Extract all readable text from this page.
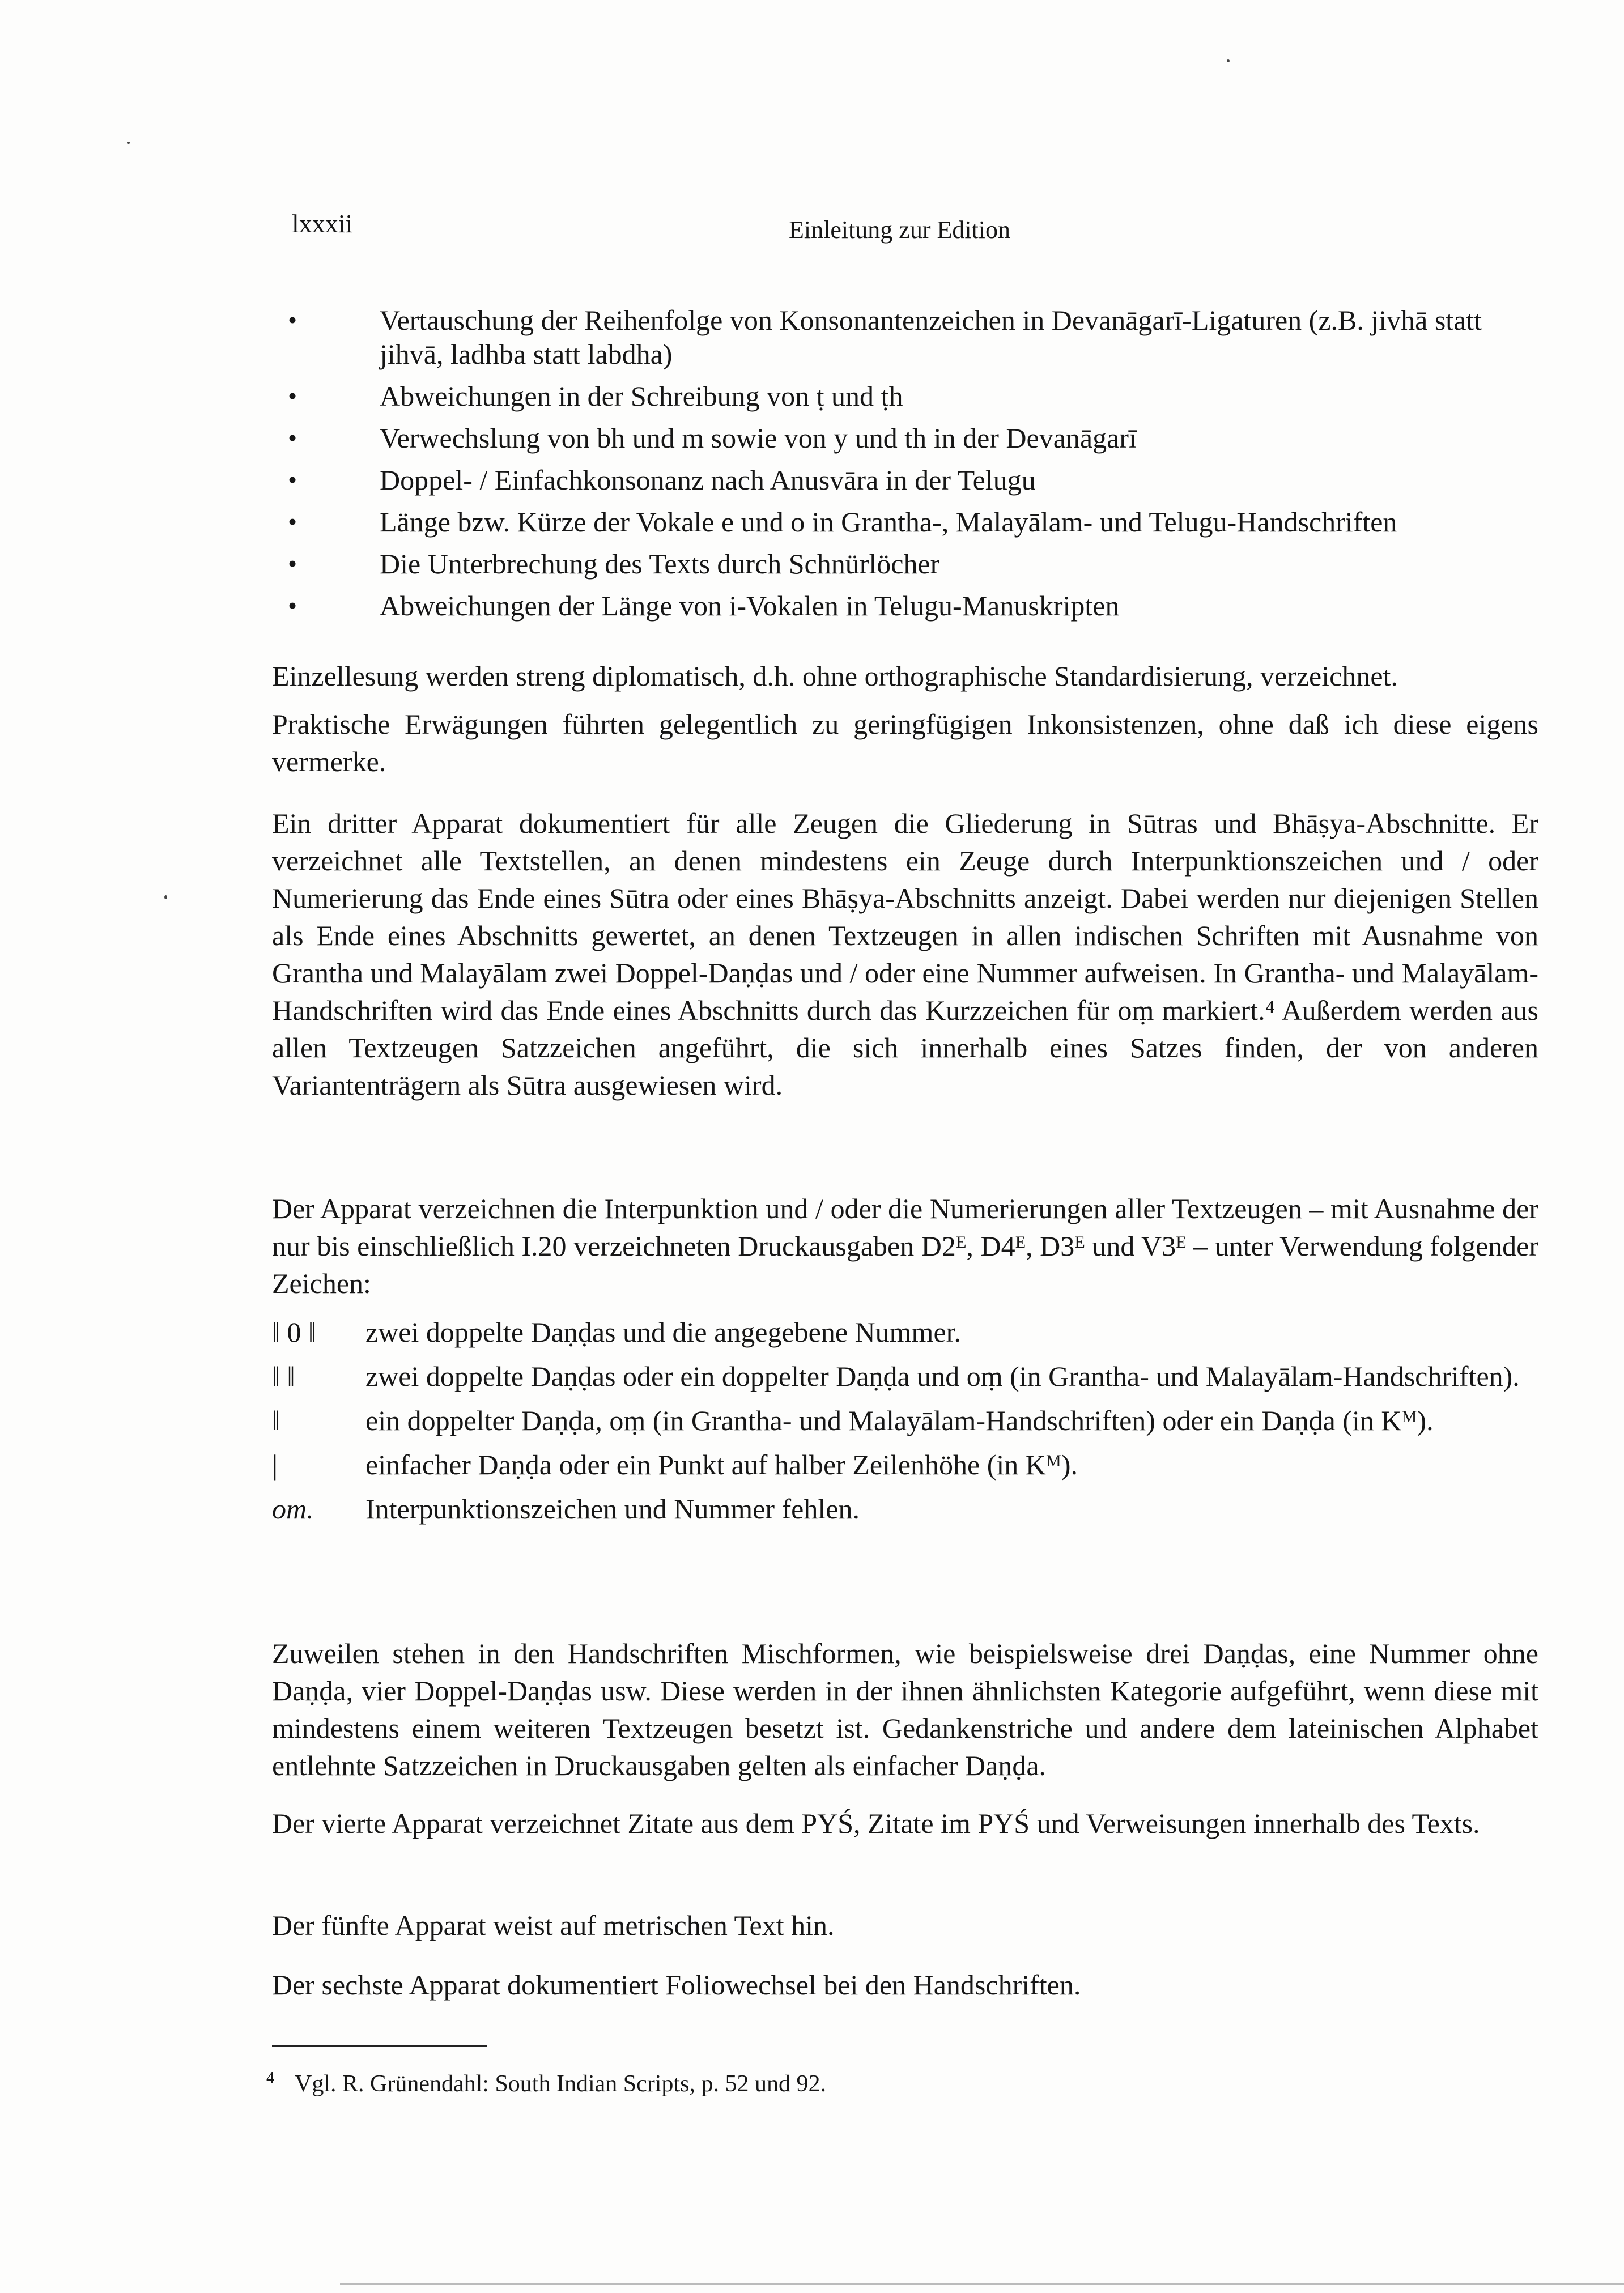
lxxxii	Einleitung zur Edition
• Vertauschung der Reihenfolge von Konsonantenzeichen in Devanāgarī-Ligaturen (z.B. jivhā statt jihvā, ladhba statt labdha)
• Abweichungen in der Schreibung von ṭ und ṭh
• Verwechslung von bh und m sowie von y und th in der Devanāgarī
• Doppel- / Einfachkonsonanz nach Anusvāra in der Telugu
• Länge bzw. Kürze der Vokale e und o in Grantha-, Malayālam- und Telugu-Handschriften
• Die Unterbrechung des Texts durch Schnürlöcher
• Abweichungen der Länge von i-Vokalen in Telugu-Manuskripten

Einzellesung werden streng diplomatisch, d.h. ohne orthographische Standardisierung, verzeichnet.

Praktische Erwägungen führten gelegentlich zu geringfügigen Inkonsistenzen, ohne daß ich diese eigens vermerke.

Ein dritter Apparat dokumentiert für alle Zeugen die Gliederung in Sūtras und Bhāṣya-Abschnitte. Er verzeichnet alle Textstellen, an denen mindestens ein Zeuge durch Interpunktionszeichen und / oder Numerierung das Ende eines Sūtra oder eines Bhāṣya-Abschnitts anzeigt. Dabei werden nur diejenigen Stellen als Ende eines Abschnitts gewertet, an denen Textzeugen in allen indischen Schriften mit Ausnahme von Grantha und Malayālam zwei Doppel-Daṇḍas und / oder eine Nummer aufweisen. In Grantha- und Malayālam-Handschriften wird das Ende eines Abschnitts durch das Kurzzeichen für oṃ markiert.⁴ Außerdem werden aus allen Textzeugen Satzzeichen angeführt, die sich innerhalb eines Satzes finden, der von anderen Variantenträgern als Sūtra ausgewiesen wird.

Der Apparat verzeichnen die Interpunktion und / oder die Numerierungen aller Textzeugen – mit Ausnahme der nur bis einschließlich I.20 verzeichneten Druckausgaben D2ᴱ, D4ᴱ, D3ᴱ und V3ᴱ – unter Verwendung folgender Zeichen:

‖ 0 ‖	zwei doppelte Daṇḍas und die angegebene Nummer.
‖ ‖	zwei doppelte Daṇḍas oder ein doppelter Daṇḍa und oṃ (in Grantha- und Malayālam-Handschriften).
‖	ein doppelter Daṇḍa, oṃ (in Grantha- und Malayālam-Handschriften) oder ein Daṇḍa (in Kᴹ).
|	einfacher Daṇḍa oder ein Punkt auf halber Zeilenhöhe (in Kᴹ).
om.	Interpunktionszeichen und Nummer fehlen.

Zuweilen stehen in den Handschriften Mischformen, wie beispielsweise drei Daṇḍas, eine Nummer ohne Daṇḍa, vier Doppel-Daṇḍas usw. Diese werden in der ihnen ähnlichsten Kategorie aufgeführt, wenn diese mit mindestens einem weiteren Textzeugen besetzt ist. Gedankenstriche und andere dem lateinischen Alphabet entlehnte Satzzeichen in Druckausgaben gelten als einfacher Daṇḍa.

Der vierte Apparat verzeichnet Zitate aus dem PYŚ, Zitate im PYŚ und Verweisungen innerhalb des Texts.

Der fünfte Apparat weist auf metrischen Text hin.

Der sechste Apparat dokumentiert Foliowechsel bei den Handschriften.

$^4$ Vgl. R. Grünendahl: South Indian Scripts, p. 52 und 92.
